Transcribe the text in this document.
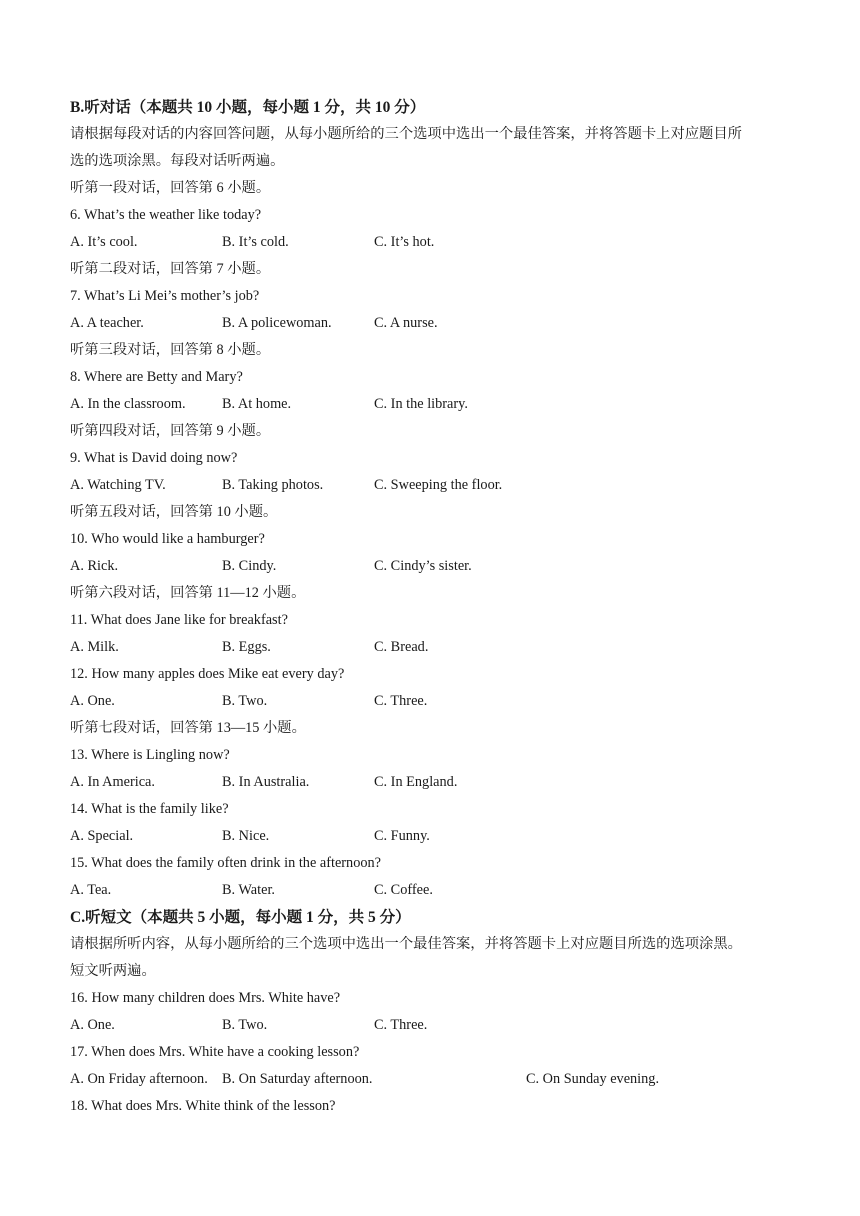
B.听对话（本题共 10 小题，每小题 1 分，共 10 分）
请根据每段对话的内容回答问题，从每小题所给的三个选项中选出一个最佳答案，并将答题卡上对应题目所
选的选项涂黑。每段对话听两遍。
听第一段对话，回答第 6 小题。
6. What’s the weather like today?
A. It’s cool.	B. It’s cold.	C. It’s hot.
听第二段对话，回答第 7 小题。
7. What’s Li Mei’s mother’s job?
A. A teacher.	B. A policewoman.	C. A nurse.
听第三段对话，回答第 8 小题。
8. Where are Betty and Mary?
A. In the classroom.	B. At home.	C. In the library.
听第四段对话，回答第 9 小题。
9. What is David doing now?
A. Watching TV.	B. Taking photos.	C. Sweeping the floor.
听第五段对话，回答第 10 小题。
10. Who would like a hamburger?
A. Rick.	B. Cindy.	C. Cindy’s sister.
听第六段对话，回答第 11—12 小题。
11. What does Jane like for breakfast?
A. Milk.	B. Eggs.	C. Bread.
12. How many apples does Mike eat every day?
A. One.	B. Two.	C. Three.
听第七段对话，回答第 13—15 小题。
13. Where is Lingling now?
A. In America.	B. In Australia.	C. In England.
14. What is the family like?
A. Special.	B. Nice.	C. Funny.
15. What does the family often drink in the afternoon?
A. Tea.	B. Water.	C. Coffee.
C.听短文（本题共 5 小题，每小题 1 分，共 5 分）
请根据所听内容，从每小题所给的三个选项中选出一个最佳答案，并将答题卡上对应题目所选的选项涂黑。
短文听两遍。
16. How many children does Mrs. White have?
A. One.	B. Two.	C. Three.
17. When does Mrs. White have a cooking lesson?
A. On Friday afternoon. B. On Saturday afternoon.	C. On Sunday evening.
18. What does Mrs. White think of the lesson?
